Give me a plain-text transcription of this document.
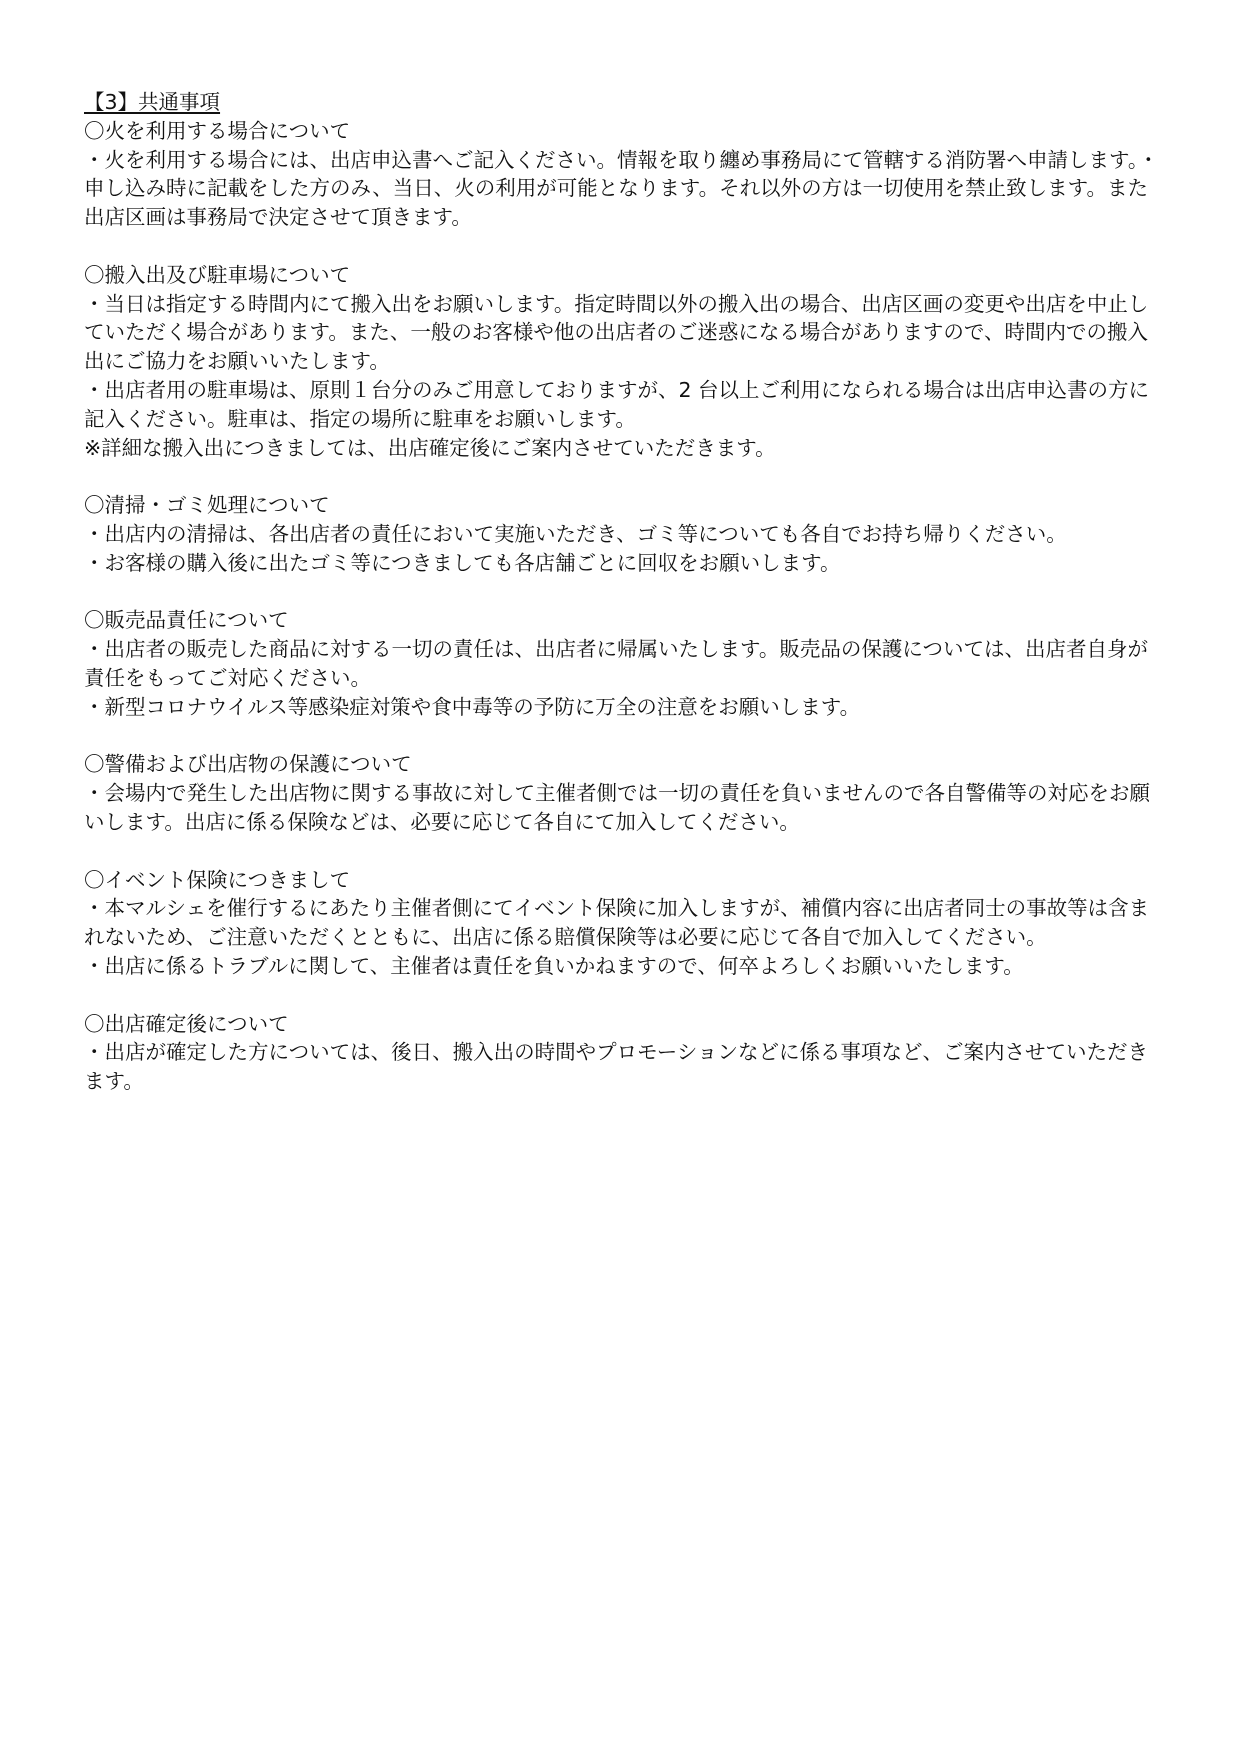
【3】共通事項

〇火を利用する場合について

・火を利用する場合には、出店申込書へご記入ください。情報を取り纏め事務局にて管轄する消防署へ申請します。・申し込み時に記載をした方のみ、当日、火の利用が可能となります。それ以外の方は一切使用を禁止致します。また出店区画は事務局で決定させて頂きます。

〇搬入出及び駐車場について

・当日は指定する時間内にて搬入出をお願いします。指定時間以外の搬入出の場合、出店区画の変更や出店を中止していただく場合があります。また、一般のお客様や他の出店者のご迷惑になる場合がありますので、時間内での搬入出にご協力をお願いいたします。

・出店者用の駐車場は、原則１台分のみご用意しておりますが、2 台以上ご利用になられる場合は出店申込書の方に記入ください。駐車は、指定の場所に駐車をお願いします。

※詳細な搬入出につきましては、出店確定後にご案内させていただきます。

〇清掃・ゴミ処理について

・出店内の清掃は、各出店者の責任において実施いただき、ゴミ等についても各自でお持ち帰りください。

・お客様の購入後に出たゴミ等につきましても各店舗ごとに回収をお願いします。

〇販売品責任について

・出店者の販売した商品に対する一切の責任は、出店者に帰属いたします。販売品の保護については、出店者自身が責任をもってご対応ください。

・新型コロナウイルス等感染症対策や食中毒等の予防に万全の注意をお願いします。

〇警備および出店物の保護について

・会場内で発生した出店物に関する事故に対して主催者側では一切の責任を負いませんので各自警備等の対応をお願いします。出店に係る保険などは、必要に応じて各自にて加入してください。

〇イベント保険につきまして

・本マルシェを催行するにあたり主催者側にてイベント保険に加入しますが、補償内容に出店者同士の事故等は含まれないため、ご注意いただくとともに、出店に係る賠償保険等は必要に応じて各自で加入してください。

・出店に係るトラブルに関して、主催者は責任を負いかねますので、何卒よろしくお願いいたします。

〇出店確定後について

・出店が確定した方については、後日、搬入出の時間やプロモーションなどに係る事項など、ご案内させていただきます。
